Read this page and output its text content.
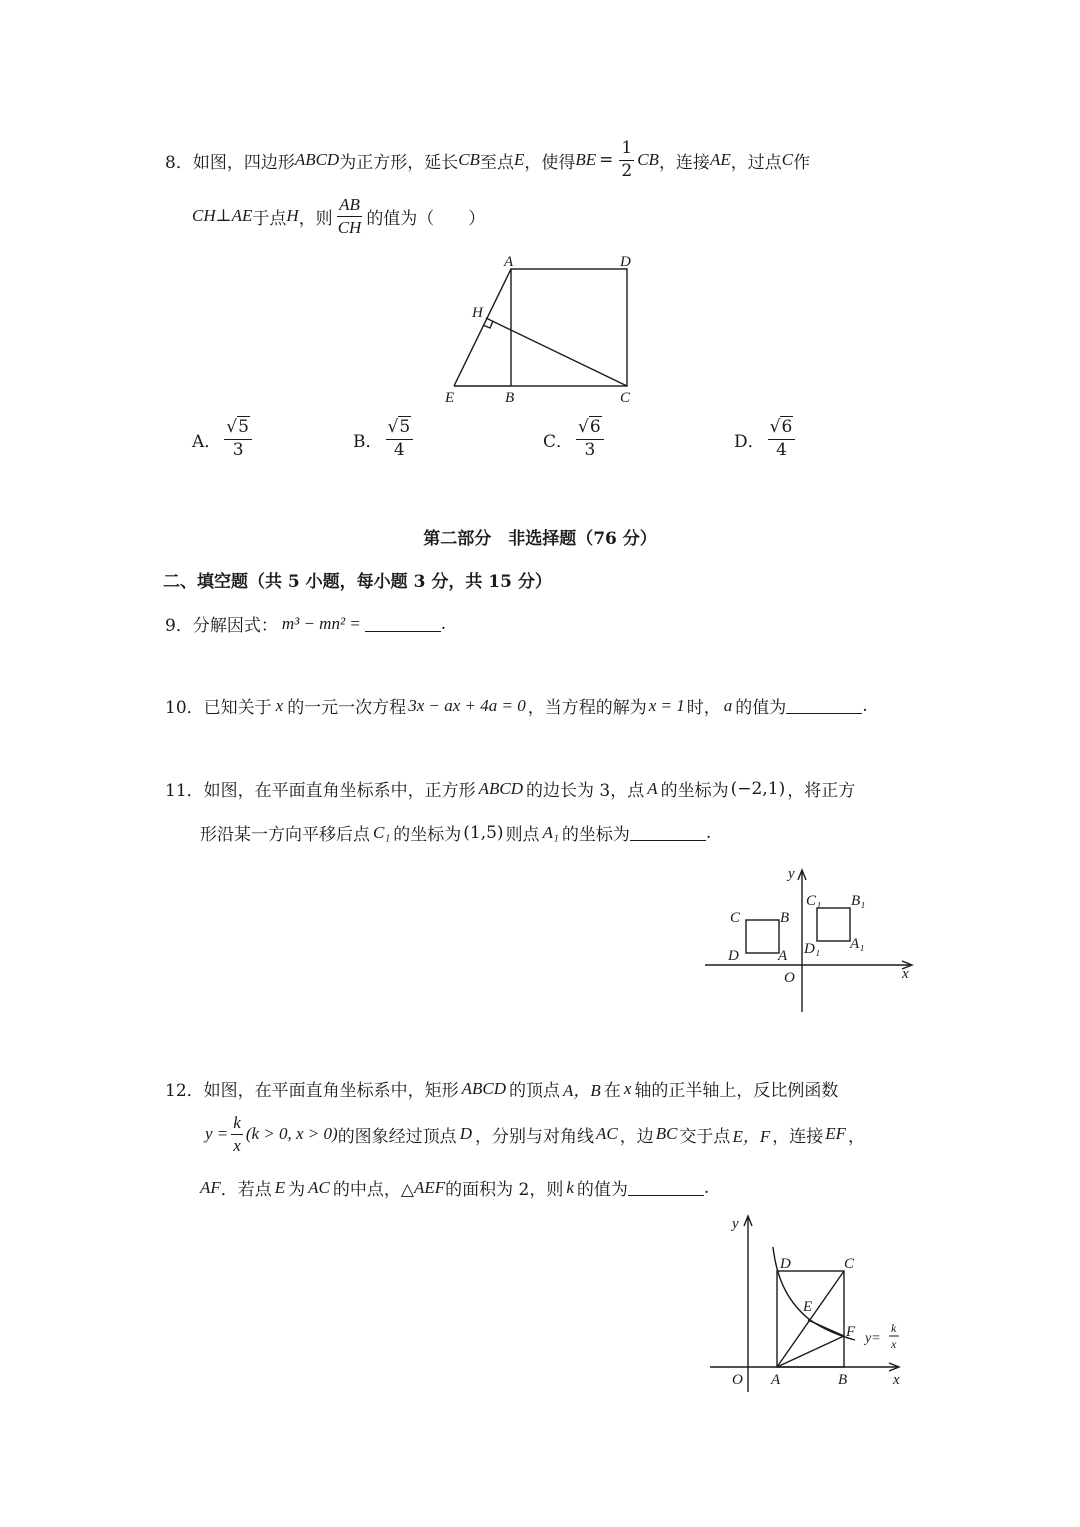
8． 如图，四边形 ABCD 为正方形，延长 CB 至点 E ，使得 BE = $\frac{1}{2}$ CB ，连接 AE ，过点 C 作
CH ⊥ AE 于点 H ，则 $\frac{AB}{CH}$ 的值为（　　）
A	D
H
E	B	C
A． $\frac{√5}{3}$	B． $\frac{√5}{4}$	C． $\frac{√6}{3}$	D． $\frac{√6}{4}$
第二部分　非选择题（76 分）
二、填空题（共 5 小题，每小题 3 分，共 15 分）
9． 分解因式： m³ − mn² =	.
10． 已知关于 x 的一元一次方程 3x − ax + 4a = 0 ，当方程的解为 x = 1 时， a 的值为	.
11． 如图，在平面直角坐标系中，正方形 ABCD 的边长为 3，点 A 的坐标为 (−2,1) ，将正方
形沿某一方向平移后点 C₁ 的坐标为 (1,5) 则点 A₁ 的坐标为	.
y
x
O
C	B
D	A
C₁ B₁
D₁ A₁
12． 如图，在平面直角坐标系中，矩形 ABCD 的顶点 A，B 在 x 轴的正半轴上，反比例函数
$y = \frac{k}{x} (k > 0$, x > 0) 的图象经过顶点 D ，分别与对角线 AC ，边 BC 交于点 E，F ，连接 EF ，
AF ．若点 E 为 AC 的中点，△ AEF 的面积为 2，则 k 的值为	.
y
x
O A	B
C
D
E
F y=
k
x
